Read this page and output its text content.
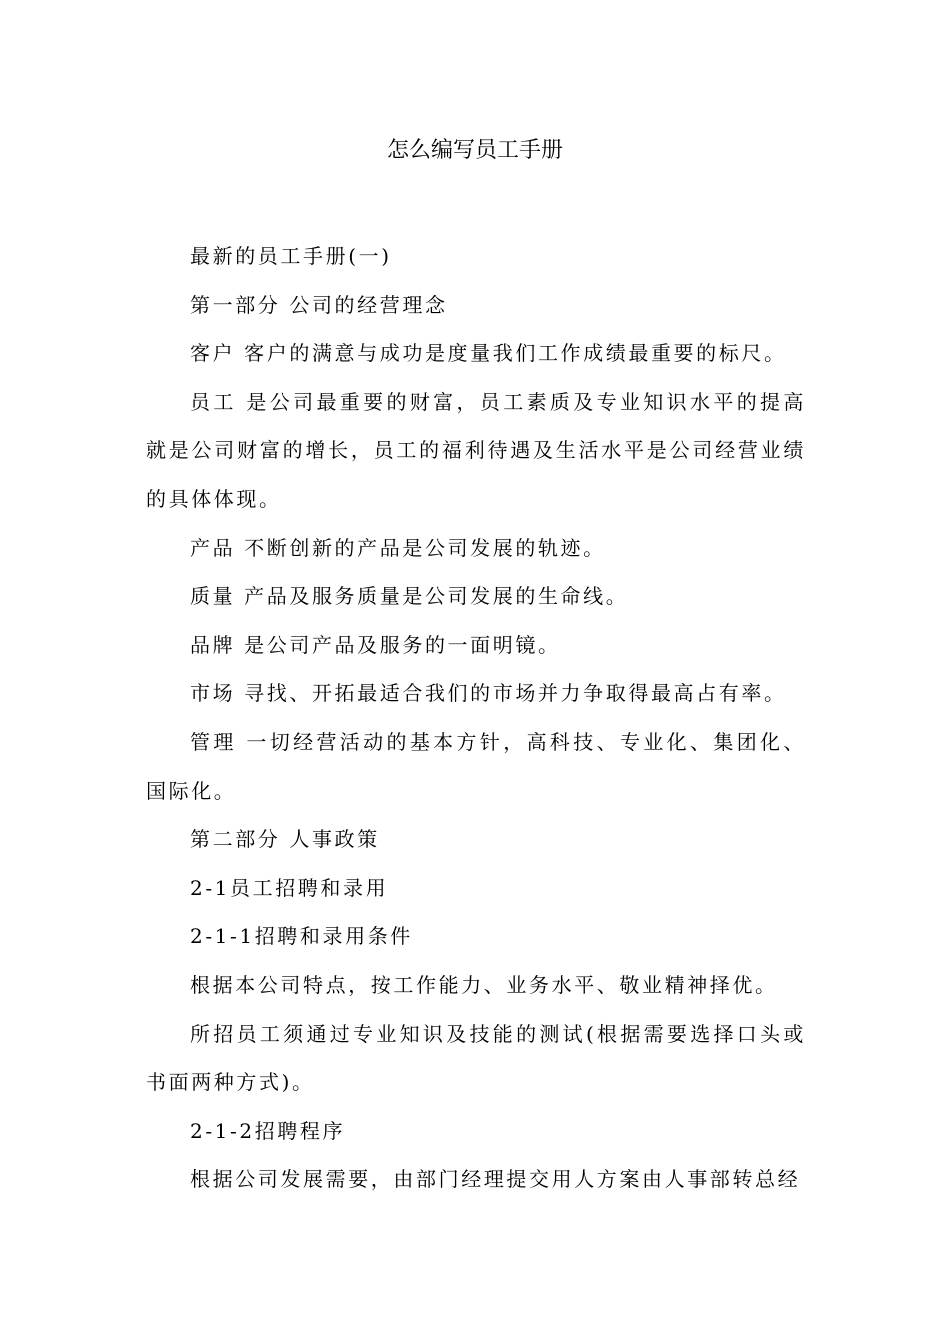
怎么编写员工手册

最新的员工手册(一)

第一部分 公司的经营理念

客户 客户的满意与成功是度量我们工作成绩最重要的标尺。

员工 是公司最重要的财富，员工素质及专业知识水平的提高就是公司财富的增长，员工的福利待遇及生活水平是公司经营业绩的具体体现。

产品 不断创新的产品是公司发展的轨迹。

质量 产品及服务质量是公司发展的生命线。

品牌 是公司产品及服务的一面明镜。

市场 寻找、开拓最适合我们的市场并力争取得最高占有率。

管理 一切经营活动的基本方针，高科技、专业化、集团化、国际化。

第二部分 人事政策

2-1员工招聘和录用

2-1-1招聘和录用条件

根据本公司特点，按工作能力、业务水平、敬业精神择优。

所招员工须通过专业知识及技能的测试(根据需要选择口头或书面两种方式)。

2-1-2招聘程序

根据公司发展需要，由部门经理提交用人方案由人事部转总经
